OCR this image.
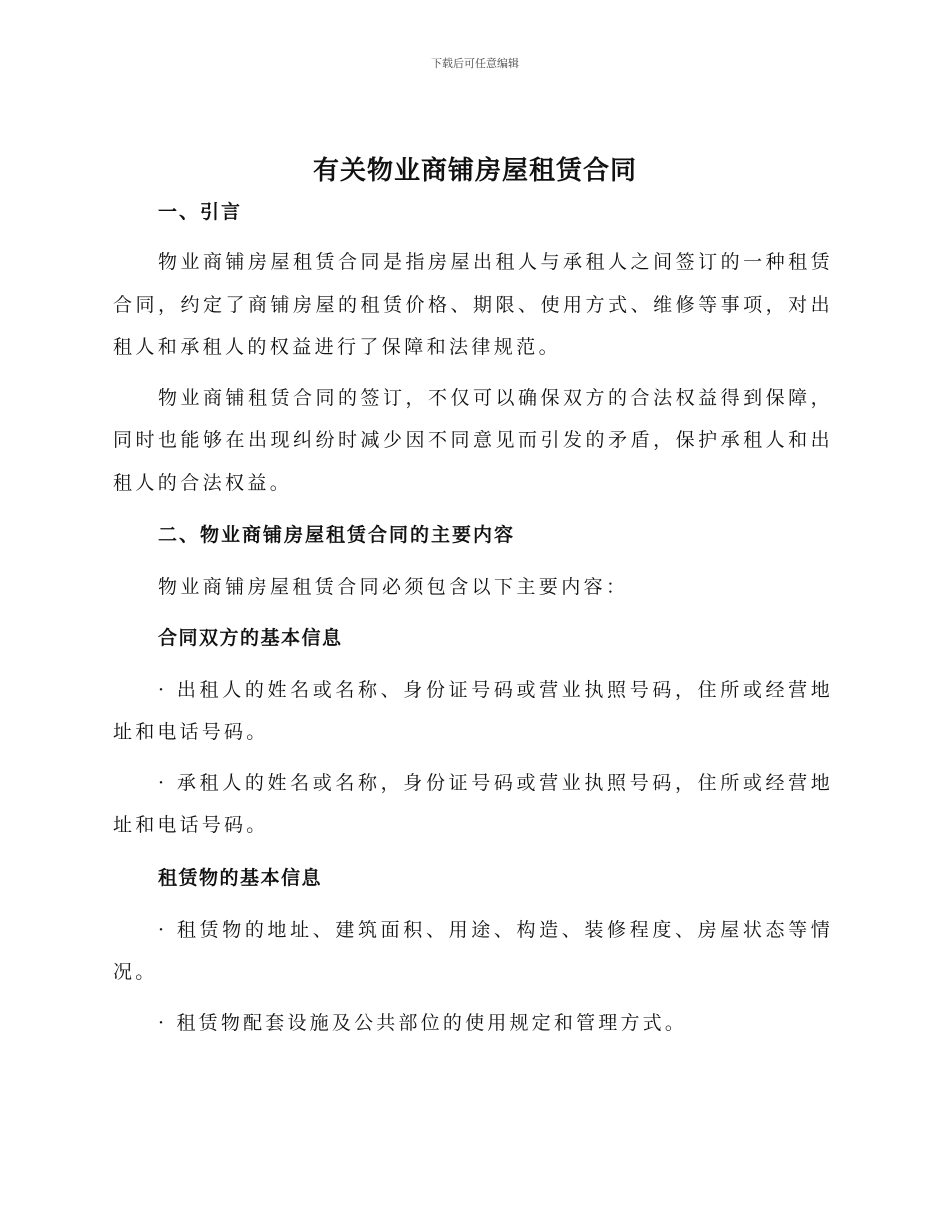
下载后可任意编辑
有关物业商铺房屋租赁合同

一、引言

物业商铺房屋租赁合同是指房屋出租人与承租人之间签订的一种租赁合同，约定了商铺房屋的租赁价格、期限、使用方式、维修等事项，对出租人和承租人的权益进行了保障和法律规范。

物业商铺租赁合同的签订，不仅可以确保双方的合法权益得到保障，同时也能够在出现纠纷时减少因不同意见而引发的矛盾，保护承租人和出租人的合法权益。

二、物业商铺房屋租赁合同的主要内容

物业商铺房屋租赁合同必须包含以下主要内容：

合同双方的基本信息

· 出租人的姓名或名称、身份证号码或营业执照号码，住所或经营地址和电话号码。

· 承租人的姓名或名称，身份证号码或营业执照号码，住所或经营地址和电话号码。

租赁物的基本信息

· 租赁物的地址、建筑面积、用途、构造、装修程度、房屋状态等情况。

· 租赁物配套设施及公共部位的使用规定和管理方式。
